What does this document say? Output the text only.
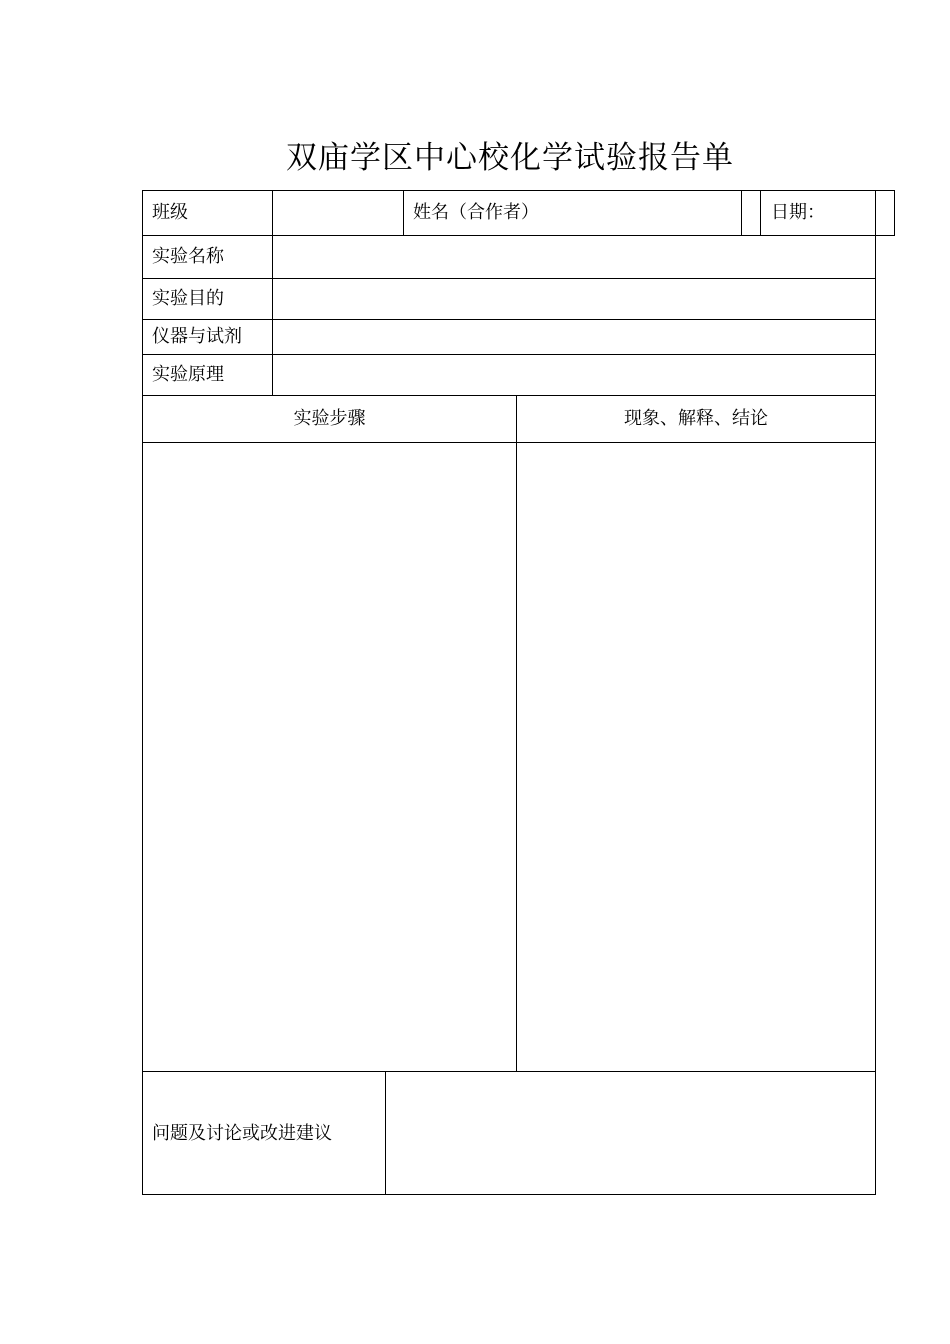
双庙学区中心校化学试验报告单
班级	姓名（合作者）	日期：
实验名称
实验目的
仪器与试剂
实验原理
实验步骤	现象、解释、结论
问题及讨论或改进建议
